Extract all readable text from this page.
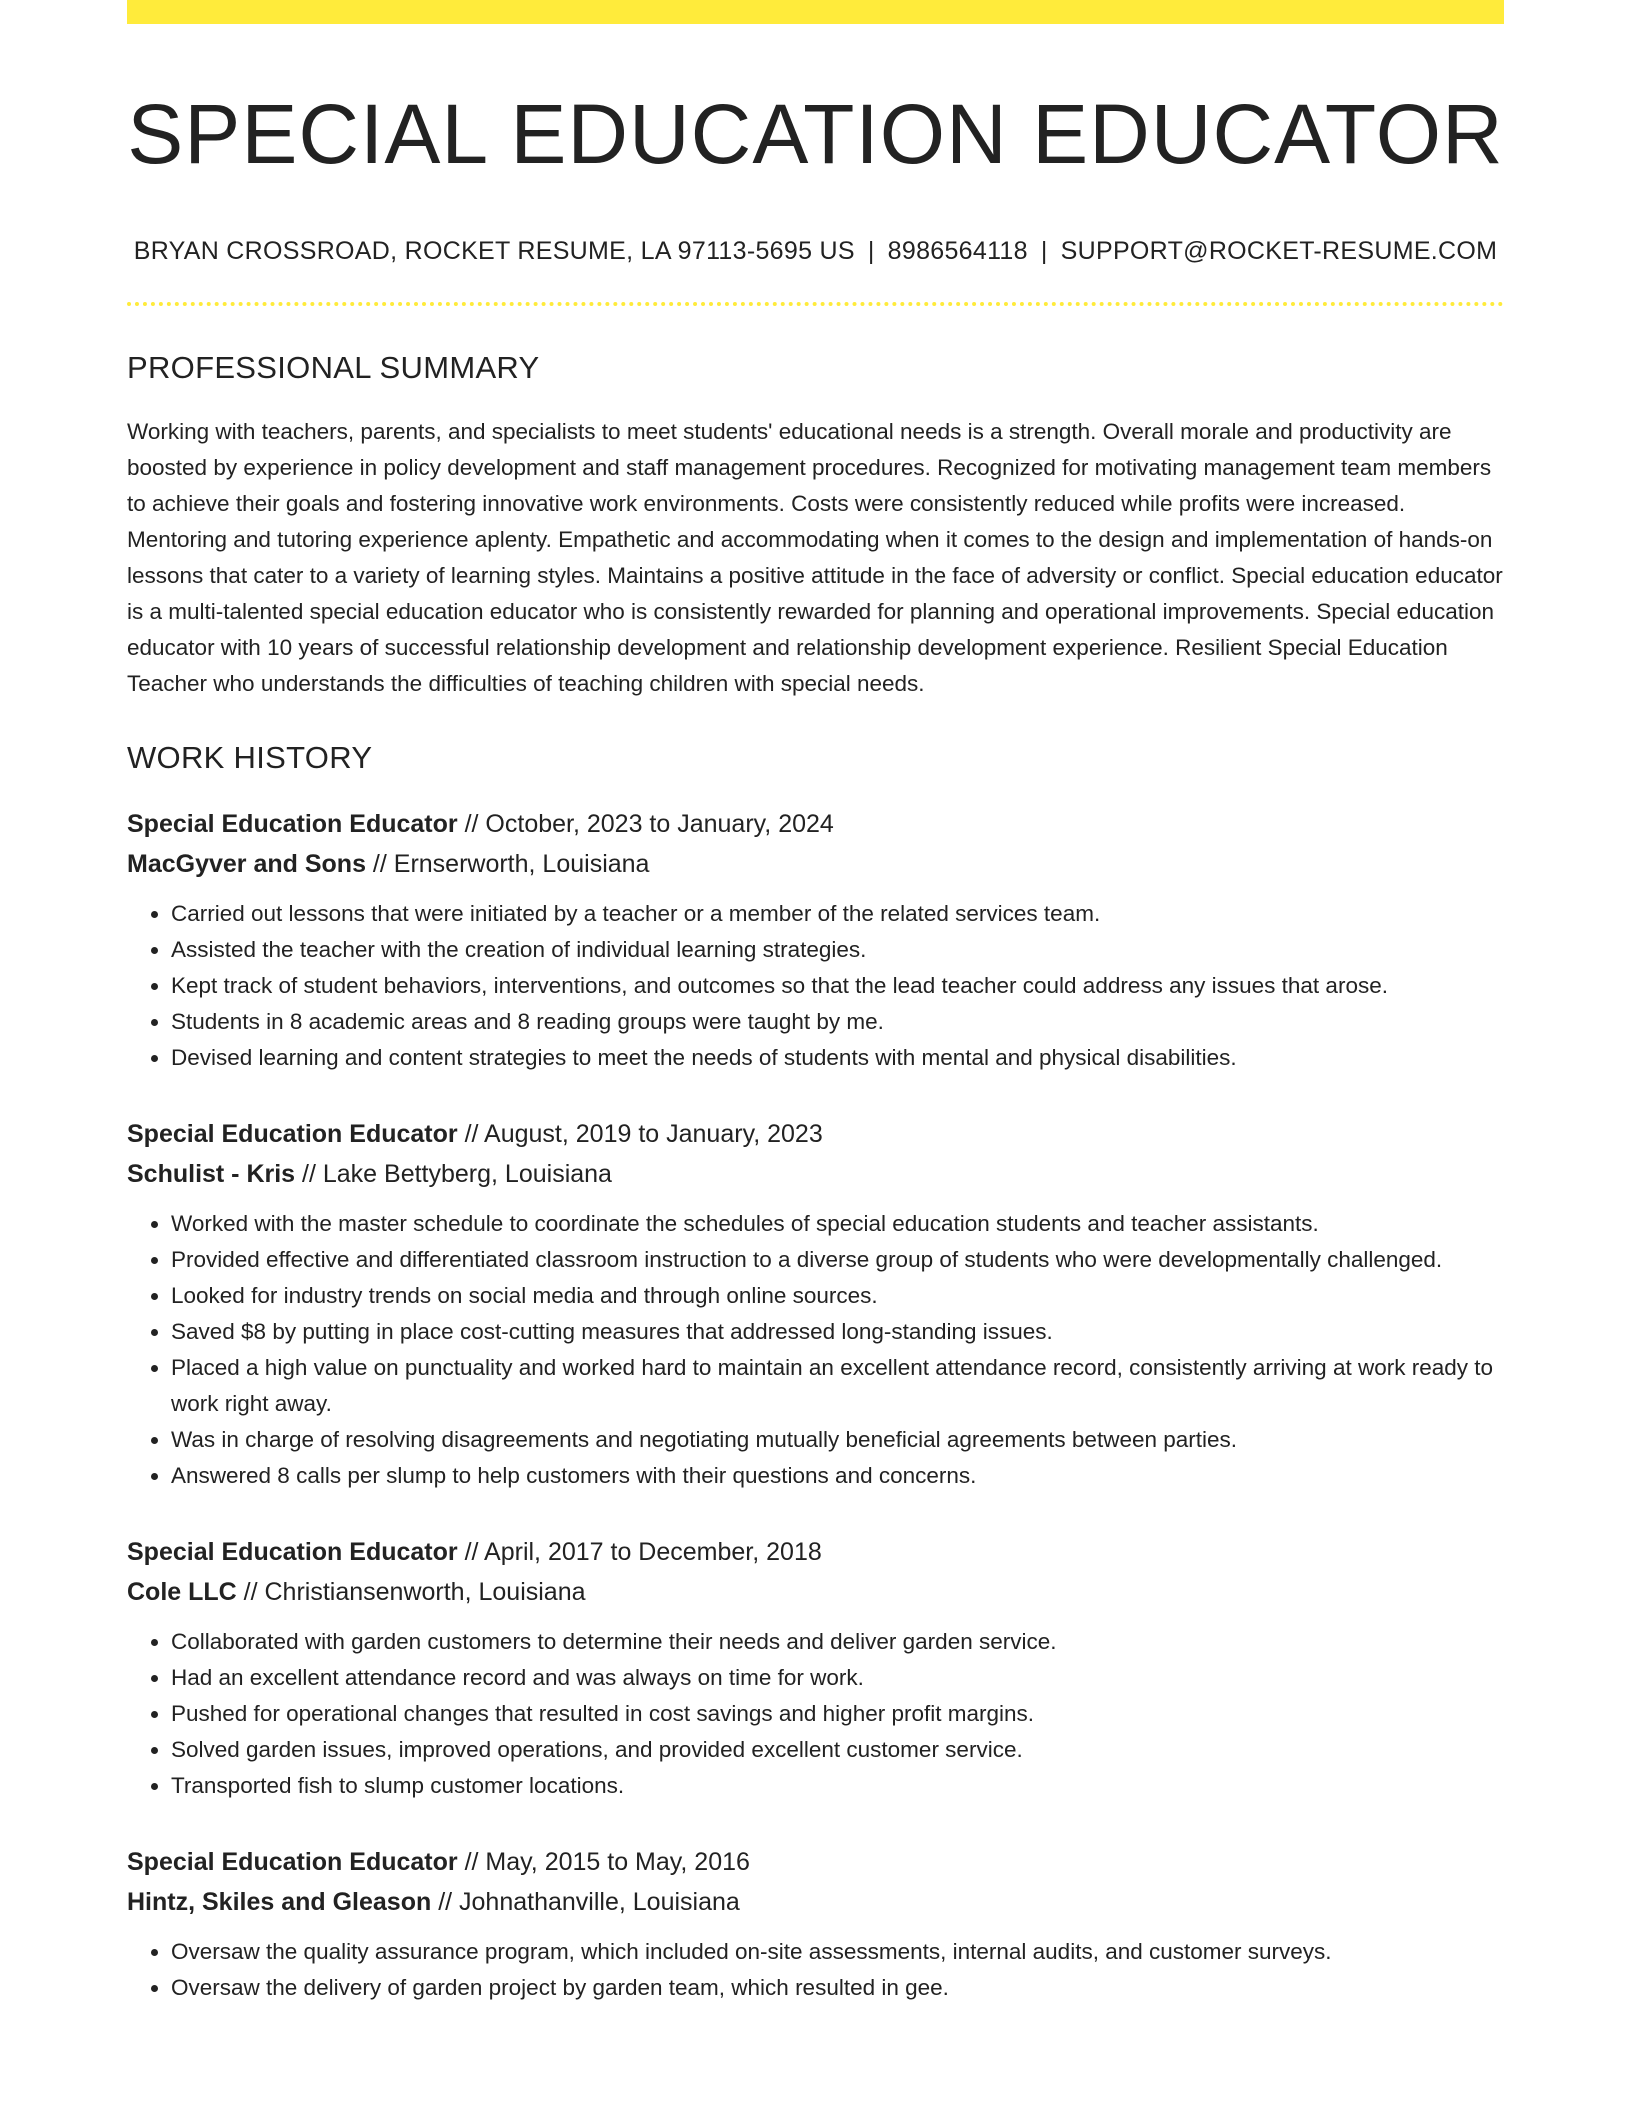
SPECIAL EDUCATION EDUCATOR
BRYAN CROSSROAD, ROCKET RESUME, LA 97113-5695 US | 8986564118 | SUPPORT@ROCKET-RESUME.COM
PROFESSIONAL SUMMARY

Working with teachers, parents, and specialists to meet students' educational needs is a strength. Overall morale and productivity are boosted by experience in policy development and staff management procedures. Recognized for motivating management team members to achieve their goals and fostering innovative work environments. Costs were consistently reduced while profits were increased. Mentoring and tutoring experience aplenty. Empathetic and accommodating when it comes to the design and implementation of hands-on lessons that cater to a variety of learning styles. Maintains a positive attitude in the face of adversity or conflict. Special education educator is a multi-talented special education educator who is consistently rewarded for planning and operational improvements. Special education educator with 10 years of successful relationship development and relationship development experience. Resilient Special Education Teacher who understands the difficulties of teaching children with special needs.

WORK HISTORY
Special Education Educator // October, 2023 to January, 2024
MacGyver and Sons // Ernserworth, Louisiana
• Carried out lessons that were initiated by a teacher or a member of the related services team.
• Assisted the teacher with the creation of individual learning strategies.
• Kept track of student behaviors, interventions, and outcomes so that the lead teacher could address any issues that arose.
• Students in 8 academic areas and 8 reading groups were taught by me.
• Devised learning and content strategies to meet the needs of students with mental and physical disabilities.
Special Education Educator // August, 2019 to January, 2023
Schulist - Kris // Lake Bettyberg, Louisiana
• Worked with the master schedule to coordinate the schedules of special education students and teacher assistants.
• Provided effective and differentiated classroom instruction to a diverse group of students who were developmentally challenged.
• Looked for industry trends on social media and through online sources.
• Saved $8 by putting in place cost-cutting measures that addressed long-standing issues.
• Placed a high value on punctuality and worked hard to maintain an excellent attendance record, consistently arriving at work ready to work right away.
• Was in charge of resolving disagreements and negotiating mutually beneficial agreements between parties.
• Answered 8 calls per slump to help customers with their questions and concerns.
Special Education Educator // April, 2017 to December, 2018
Cole LLC // Christiansenworth, Louisiana
• Collaborated with garden customers to determine their needs and deliver garden service.
• Had an excellent attendance record and was always on time for work.
• Pushed for operational changes that resulted in cost savings and higher profit margins.
• Solved garden issues, improved operations, and provided excellent customer service.
• Transported fish to slump customer locations.
Special Education Educator // May, 2015 to May, 2016
Hintz, Skiles and Gleason // Johnathanville, Louisiana
• Oversaw the quality assurance program, which included on-site assessments, internal audits, and customer surveys.
• Oversaw the delivery of garden project by garden team, which resulted in gee.
